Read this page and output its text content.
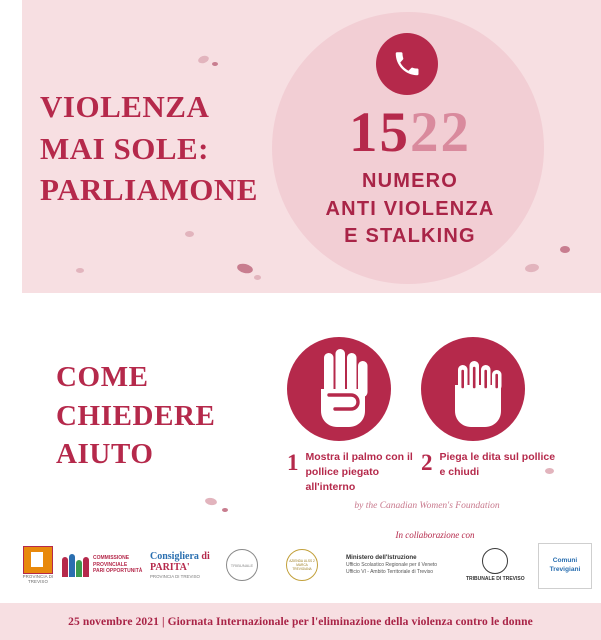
VIOLENZA
MAI SOLE:
PARLIAMONE
1522
NUMERO
ANTI VIOLENZA
E STALKING
COME
CHIEDERE
AIUTO	1 Mostra il palmo con il pollice piegato all'interno
2 Piega le dita sul pollice e chiudi
by the Canadian Women's Foundation
In collaborazione con
PROVINCIA DI TREVISO
COMMISSIONE
PROVINCIALE
PARI OPPORTUNITÀ
Consigliera di PARITA'
PROVINCIA DI TREVISO
TRIBUNALE
AZIENDA ULSS 2 MARCA TREVIGIANA
Ministero dell'Istruzione
Ufficio Scolastico Regionale per il Veneto
Ufficio VI - Ambito Territoriale di Treviso
TRIBUNALE DI TREVISO
Comuni
Trevigiani
25 novembre 2021 | Giornata Internazionale per l'eliminazione della violenza contro le donne
